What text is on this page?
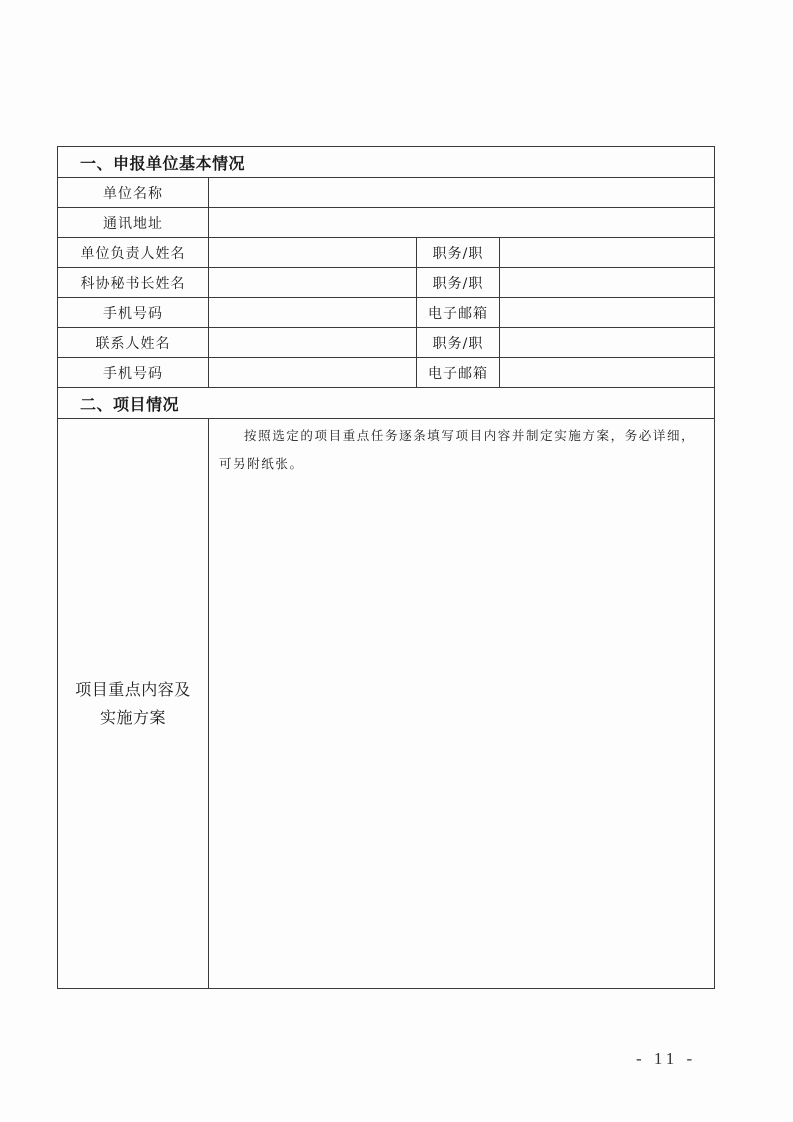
一、申报单位基本情况			
单位名称			
通讯地址			
单位负责人姓名		职务/职	
科协秘书长姓名		职务/职	
手机号码		电子邮箱	
联系人姓名		职务/职	
手机号码		电子邮箱	
二、项目情况			

项目重点内容及
实施方案	按照选定的项目重点任务逐条填写项目内容并制定实施方案，务必详细，可另附纸张。		

- 11 -
